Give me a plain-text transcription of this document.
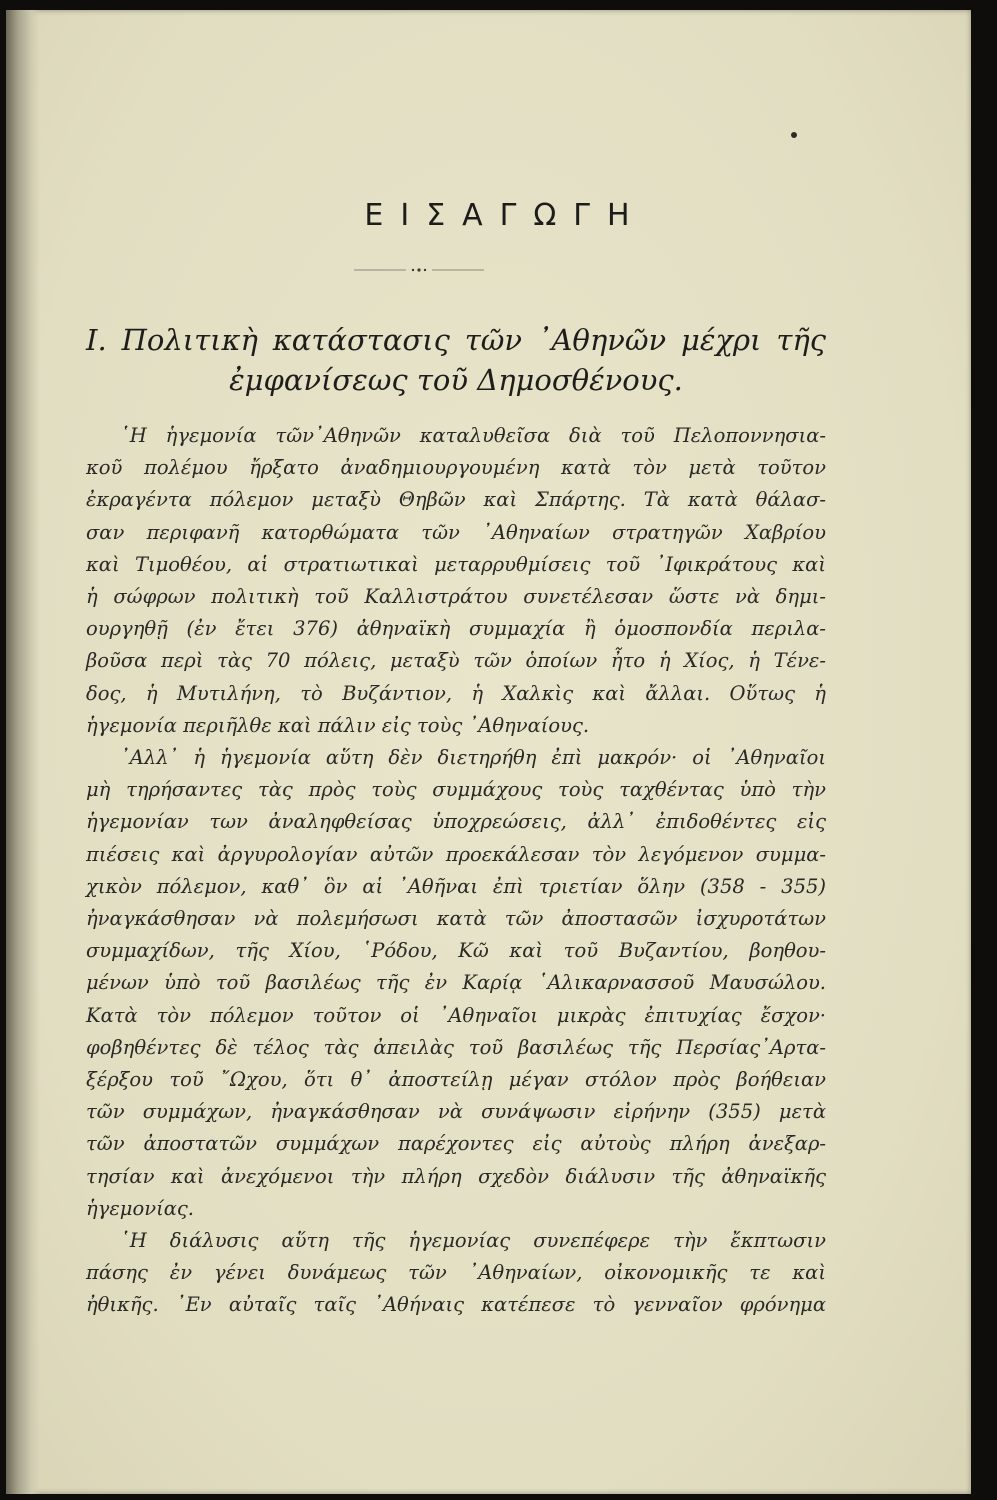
ΕΙΣΑΓΩΓΗ
Ι. Πολιτικὴ κατάστασις τῶν ᾿Αθηνῶν μέχρι τῆς
ἐμφανίσεως τοῦ Δημοσθένους.
῾Η ἡγεμονία τῶν᾿Αθηνῶν καταλυθεῖσα διὰ τοῦ Πελοποννησια-
κοῦ πολέμου ἤρξατο ἀναδημιουργουμένη κατὰ τὸν μετὰ τοῦτον
ἐκραγέντα πόλεμον μεταξὺ Θηβῶν καὶ Σπάρτης. Τὰ κατὰ θάλασ-
σαν περιφανῆ κατορθώματα τῶν ᾿Αθηναίων στρατηγῶν Χαβρίου
καὶ Τιμοθέου, αἱ στρατιωτικαὶ μεταρρυθμίσεις τοῦ ᾿Ιφικράτους καὶ
ἡ σώφρων πολιτικὴ τοῦ Καλλιστράτου συνετέλεσαν ὥστε νὰ δημι-
ουργηθῇ (ἐν ἔτει 376) ἀθηναϊκὴ συμμαχία ἢ ὁμοσπονδία περιλα-
βοῦσα περὶ τὰς 70 πόλεις, μεταξὺ τῶν ὁποίων ἦτο ἡ Χίος, ἡ Τένε-
δος, ἡ Μυτιλήνη, τὸ Βυζάντιον, ἡ Χαλκὶς καὶ ἄλλαι. Οὕτως ἡ
ἡγεμονία περιῆλθε καὶ πάλιν εἰς τοὺς ᾿Αθηναίους.
᾿Αλλ᾿ ἡ ἡγεμονία αὕτη δὲν διετηρήθη ἐπὶ μακρόν· οἱ ᾿Αθηναῖοι
μὴ τηρήσαντες τὰς πρὸς τοὺς συμμάχους τοὺς ταχθέντας ὑπὸ τὴν
ἡγεμονίαν των ἀναληφθείσας ὑποχρεώσεις, ἀλλ᾿ ἐπιδοθέντες εἰς
πιέσεις καὶ ἀργυρολογίαν αὐτῶν προεκάλεσαν τὸν λεγόμενον συμμα-
χικὸν πόλεμον, καθ᾿ ὃν αἱ ᾿Αθῆναι ἐπὶ τριετίαν ὅλην (358 - 355)
ἠναγκάσθησαν νὰ πολεμήσωσι κατὰ τῶν ἀποστασῶν ἰσχυροτάτων
συμμαχίδων, τῆς Χίου, ῾Ρόδου, Κῶ καὶ τοῦ Βυζαντίου, βοηθου-
μένων ὑπὸ τοῦ βασιλέως τῆς ἐν Καρίᾳ ῾Αλικαρνασσοῦ Μαυσώλου.
Κατὰ τὸν πόλεμον τοῦτον οἱ ᾿Αθηναῖοι μικρὰς ἐπιτυχίας ἔσχον·
φοβηθέντες δὲ τέλος τὰς ἀπειλὰς τοῦ βασιλέως τῆς Περσίας᾿Αρτα-
ξέρξου τοῦ ῎Ωχου, ὅτι θ᾿ ἀποστείλῃ μέγαν στόλον πρὸς βοήθειαν
τῶν συμμάχων, ἠναγκάσθησαν νὰ συνάψωσιν εἰρήνην (355) μετὰ
τῶν ἀποστατῶν συμμάχων παρέχοντες εἰς αὐτοὺς πλήρη ἀνεξαρ-
τησίαν καὶ ἀνεχόμενοι τὴν πλήρη σχεδὸν διάλυσιν τῆς ἀθηναϊκῆς
ἡγεμονίας.
῾Η διάλυσις αὕτη τῆς ἡγεμονίας συνεπέφερε τὴν ἔκπτωσιν
πάσης ἐν γένει δυνάμεως τῶν ᾿Αθηναίων, οἰκονομικῆς τε καὶ
ἠθικῆς. ᾿Εν αὐταῖς ταῖς ᾿Αθήναις κατέπεσε τὸ γενναῖον φρόνημα
